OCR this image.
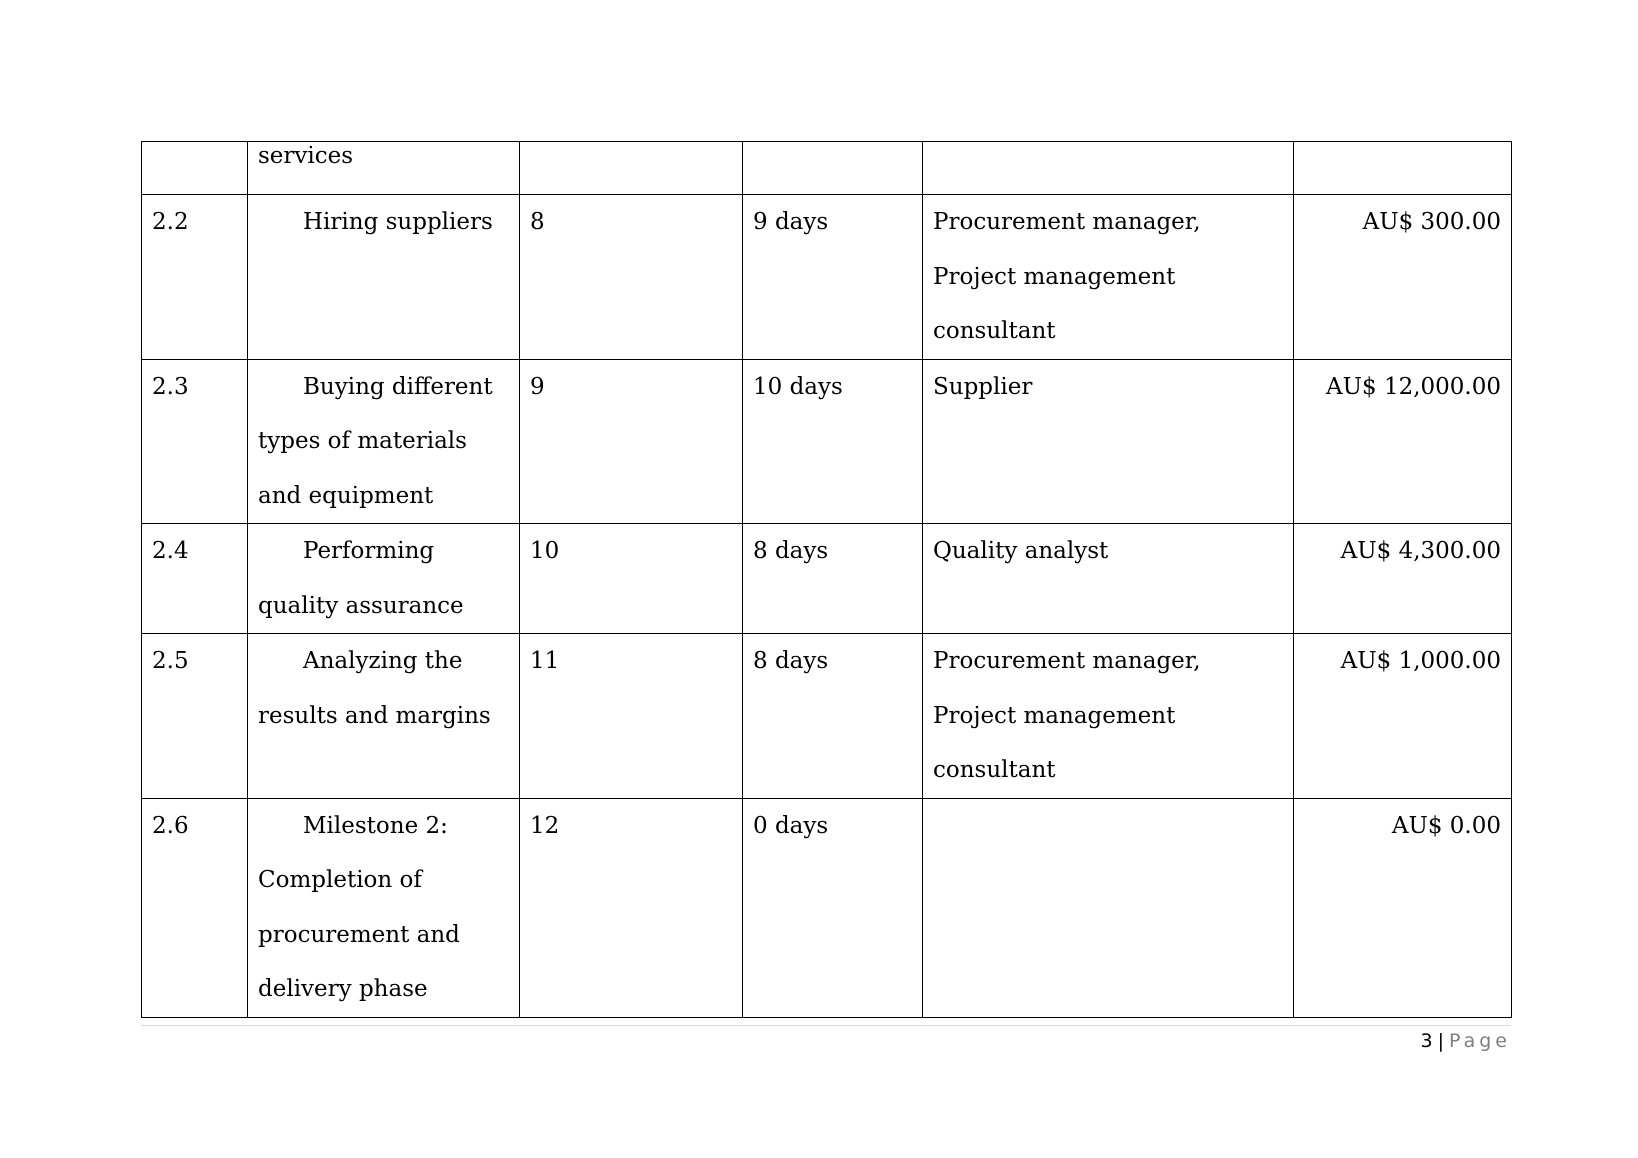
	services				

2.2	Hiring suppliers	8	9 days	Procurement manager,
Project management
consultant	AU$ 300.00
2.3	Buying different
types of materials
and equipment	9	10 days	Supplier	AU$ 12,000.00
2.4	Performing
quality assurance	10	8 days	Quality analyst	AU$ 4,300.00
2.5	Analyzing the
results and margins	11	8 days	Procurement manager,
Project management
consultant	AU$ 1,000.00
2.6	Milestone 2:
Completion of
procurement and
delivery phase	12	0 days		AU$ 0.00
3 | Page
